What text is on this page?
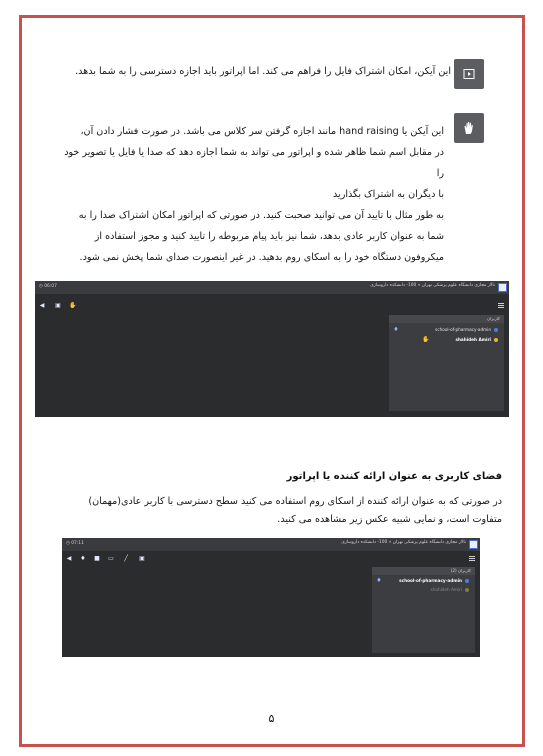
این آیکن، امکان اشتراک فایل را فراهم می کند. اما اپراتور باید اجازه دسترسی را به شما بدهد.
این آیکن یا hand raising مانند اجازه گرفتن سر کلاس می باشد. در صورت فشار دادن آن،
در مقابل اسم شما ظاهر شده و اپراتور می تواند به شما اجازه دهد که صدا یا فایل یا تصویر خود را
با دیگران به اشتراک بگذارید
به طور مثال با تایید آن می توانید صحبت کنید. در صورتی که اپراتور امکان اشتراک صدا را به
شما به عنوان کاربر عادی بدهد، شما نیز باید پیام مربوطه را تایید کنید و مجوز استفاده از
میکروفون دستگاه خود را به اسکای روم بدهید. در غیر اینصورت صدای شما پخش نمی شود.
تالار مجازی دانشگاه علوم پزشکی تهران » 100- دانشکده داروسازی
◷ 06:07
◀ ▣ ✋
کاربران
school-of-pharmacy-admin
shahideh Amiri
♦
✋
فضای کاربری به عنوان ارائه کننده یا اپراتور
در صورتی که به عنوان ارائه کننده از اسکای روم استفاده می کنید سطح دسترسی با کاربر عادی(مهمان)
متفاوت است، و نمایی شبیه عکس زیر مشاهده می کنید.
تالار مجازی دانشگاه علوم پزشکی تهران » 100- دانشکده داروسازی
◷ 07:11
◀ ♦ ■ ▭ ╱ ▣
کاربران (2)
school-of-pharmacy-admin
shahideh Amiri
♦
۵
